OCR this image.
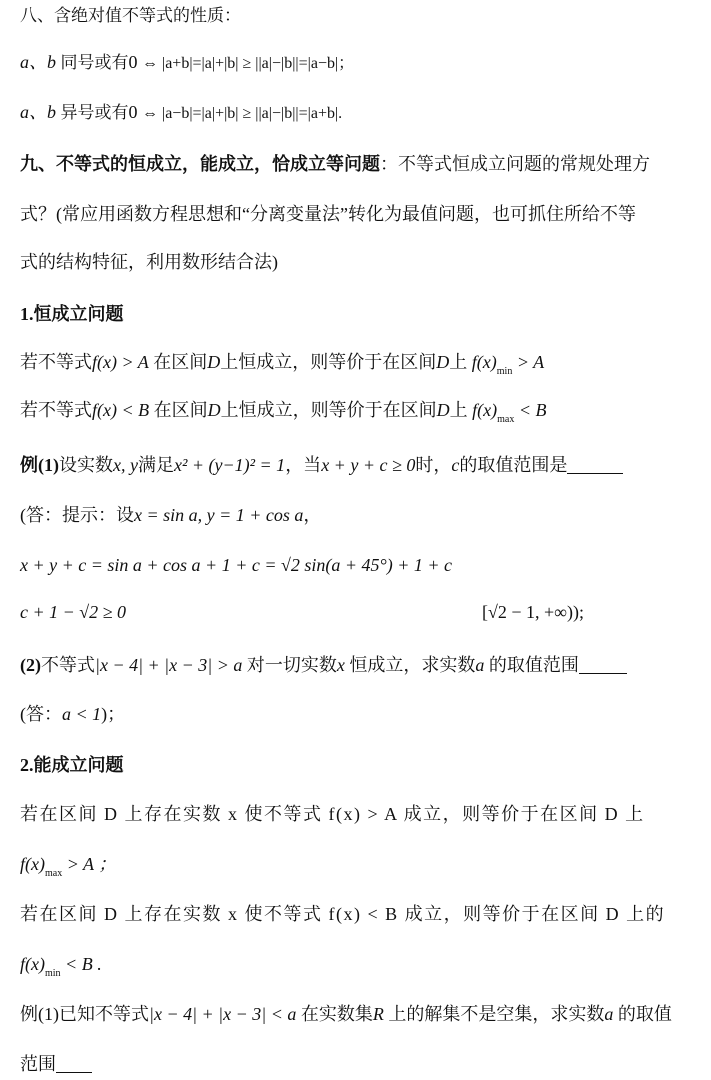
八、含绝对值不等式的性质：
a、b 同号或有0 ⇔ |a+b|=|a|+|b| ≥ ||a|−|b||=|a−b|；
a、b 异号或有0 ⇔ |a−b|=|a|+|b| ≥ ||a|−|b||=|a+b|.
九、不等式的恒成立，能成立，恰成立等问题：不等式恒成立问题的常规处理方
式？(常应用函数方程思想和“分离变量法”转化为最值问题，也可抓住所给不等
式的结构特征，利用数形结合法)
1.恒成立问题
若不等式f(x) > A 在区间D上恒成立，则等价于在区间D上 $f(x)_{min} > A$
若不等式f(x) < B 在区间D上恒成立，则等价于在区间D上 $f(x)_{max} < B$
例(1)设实数x, y满足x² + (y−1)² = 1，当x + y + c ≥ 0时，c的取值范围是
(答：提示：设x = sin a, y = 1 + cos a，
x + y + c = sin a + cos a + 1 + c = √2 sin(a + 45°) + 1 + c
c + 1 − √2 ≥ 0	[√2 − 1, +∞));
(2)不等式|x − 4| + |x − 3| > a 对一切实数x 恒成立，求实数a 的取值范围
(答：a < 1)；
2.能成立问题
若在区间 D 上存在实数 x 使不等式 f(x) > A 成立，则等价于在区间 D 上
$f(x)_{max} > A$ ；
若在区间 D 上存在实数 x 使不等式 f(x) < B 成立，则等价于在区间 D 上的
$f(x)_{min} < B$ .
例(1)已知不等式|x − 4| + |x − 3| < a 在实数集R 上的解集不是空集，求实数a 的取值
范围
